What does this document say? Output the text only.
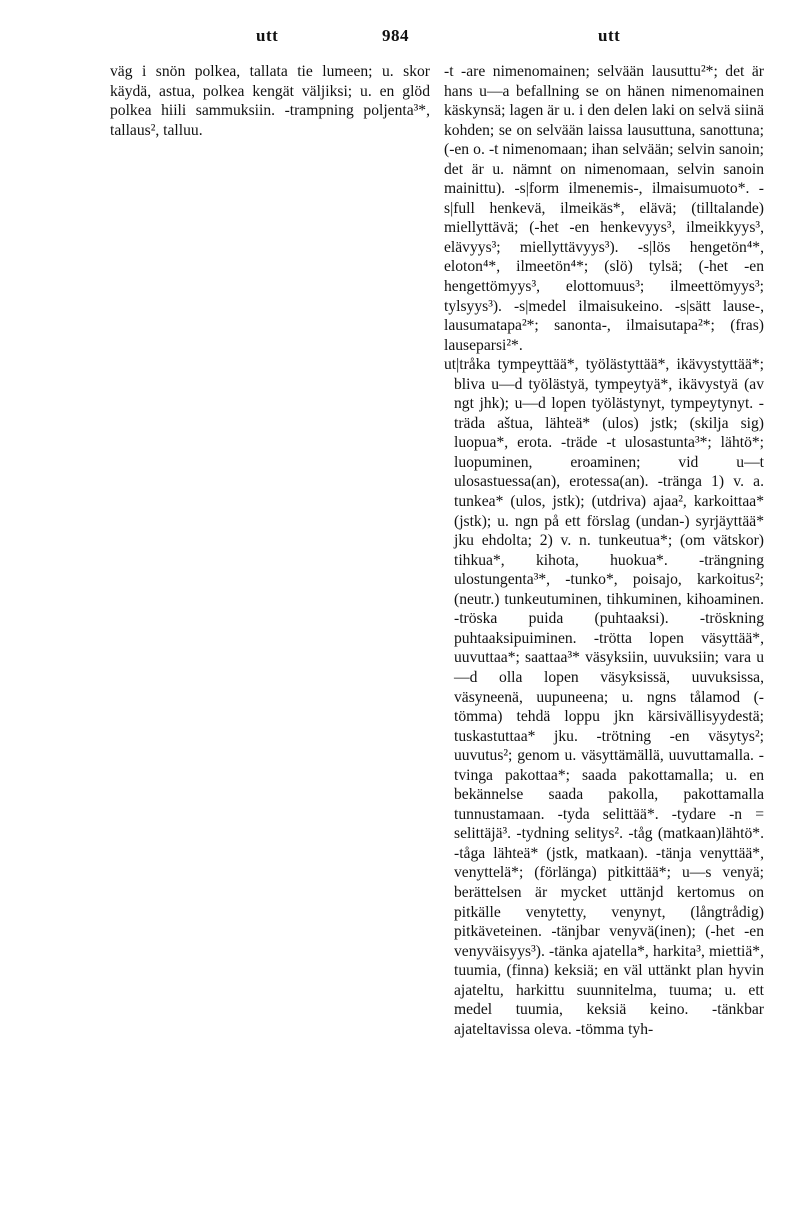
utt	984	utt

väg i snön polkea, tallata tie lumeen; u. skor käydä, astua, polkea kengät väljiksi; u. en glöd polkea hiili sammuksiin. -trampning poljenta³*, tallaus², talluu.

-t -are nimenomainen; selvään lausuttu²*; det är hans u—a befallning se on hänen nimenomainen käskynsä; lagen är u. i den delen laki on selvä siinä kohden; se on selvään laissa lausuttuna, sanottuna; (-en o. -t nimenomaan; ihan selvään; selvin sanoin; det är u. nämnt on nimenomaan, selvin sanoin mainittu). -s|form ilmenemis-, ilmaisumuoto*. -s|full henkevä, ilmeikäs*, elävä; (tilltalande) miellyttävä; (-het -en henkevyys³, ilmeikkyys³, elävyys³; miellyttävyys³). -s|lös hengetön⁴*, eloton⁴*, ilmeetön⁴*; (slö) tylsä; (-het -en hengettömyys³, elottomuus³; ilmeettömyys³; tylsyys³). -s|medel ilmaisukeino. -s|sätt lause-, lausumatapa²*; sanonta-, ilmaisutapa²*; (fras) lauseparsi²*.

ut|tråka tympeyttää*, työlästyttää*, ikävystyttää*; bliva u—d työlästyä, tympeytyä*, ikävystyä (av ngt jhk); u—d lopen työlästynyt, tympeytynyt. -träda aštua, lähteä* (ulos) jstk; (skilja sig) luopua*, erota. -träde -t ulosastunta³*; lähtö*; luopuminen, eroaminen; vid u—t ulosastuessa(an), erotessa(an). -tränga 1) v. a. tunkea* (ulos, jstk); (utdriva) ajaa², karkoittaa* (jstk); u. ngn på ett förslag (undan-) syrjäyttää* jku ehdolta; 2) v. n. tunkeutua*; (om vätskor) tihkua*, kihota, huokua*. -trängning ulostungenta³*, -tunko*, poisajo, karkoitus²; (neutr.) tunkeutuminen, tihkuminen, kihoaminen. -tröska puida (puhtaaksi). -tröskning puhtaaksipuiminen. -trötta lopen väsyttää*, uuvuttaa*; saattaa³* väsyksiin, uuvuksiin; vara u—d olla lopen väsyksissä, uuvuksissa, väsyneenä, uupuneena; u. ngns tålamod (-tömma) tehdä loppu jkn kärsivällisyydestä; tuskastuttaa* jku. -trötning -en väsytys²; uuvutus²; genom u. väsyttämällä, uuvuttamalla. -tvinga pakottaa*; saada pakottamalla; u. en bekännelse saada pakolla, pakottamalla tunnustamaan. -tyda selittää*. -tydare -n = selittäjä³. -tydning selitys². -tåg (matkaan)lähtö*. -tåga lähteä* (jstk, matkaan). -tänja venyttää*, venyttelä*; (förlänga) pitkittää*; u—s venyä; berättelsen är mycket uttänjd kertomus on pitkälle venytetty, venynyt, (långtrådig) pitkäveteinen. -tänjbar venyvä(inen); (-het -en venyväisyys³). -tänka ajatella*, harkita³, miettiä*, tuumia, (finna) keksiä; en väl uttänkt plan hyvin ajateltu, harkittu suunnitelma, tuuma; u. ett medel tuumia, keksiä keino. -tänkbar ajateltavissa oleva. -tömma tyh-
